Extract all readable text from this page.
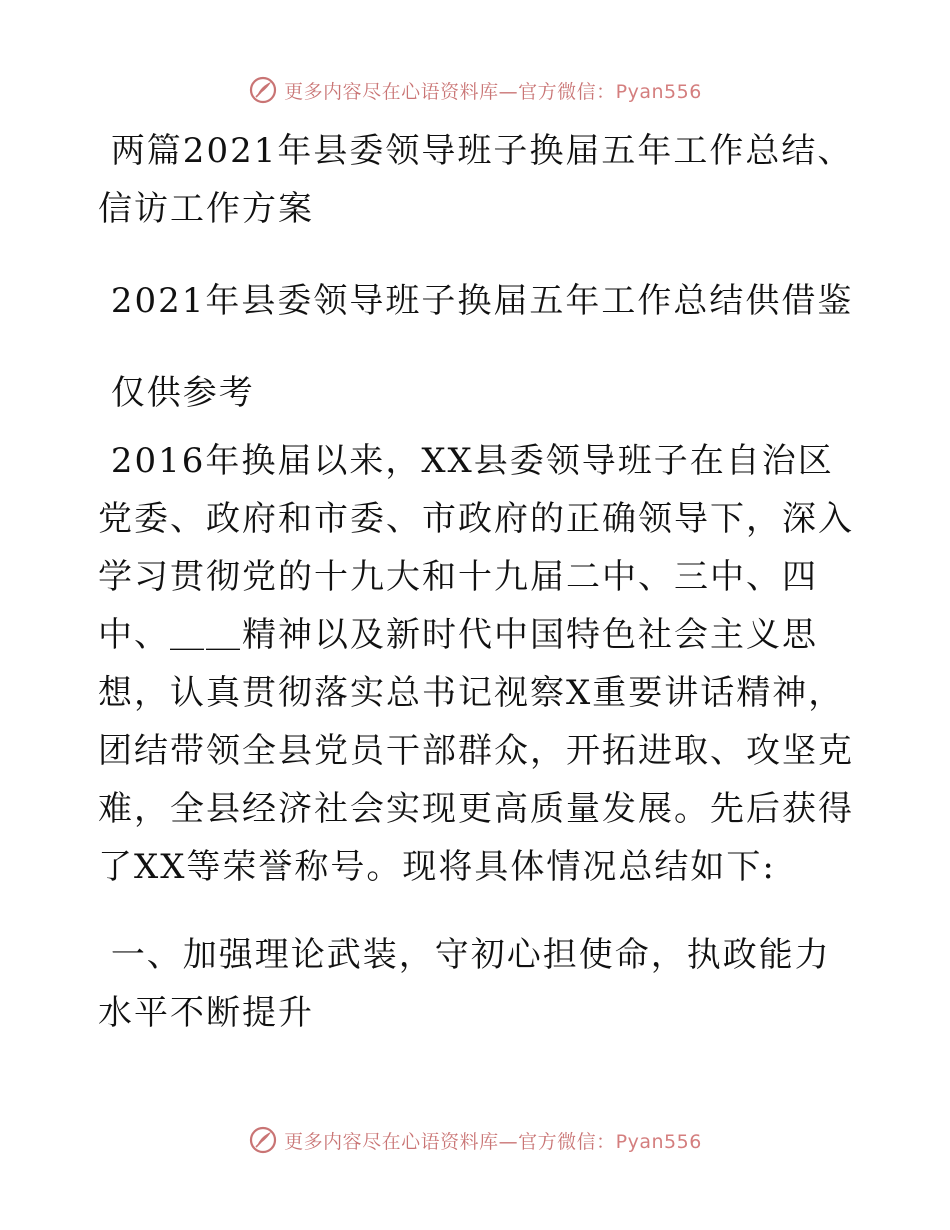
更多内容尽在心语资料库—官方微信：Pyan556

两篇2021年县委领导班子换届五年工作总结、信访工作方案

2021年县委领导班子换届五年工作总结供借鉴

仅供参考

2016年换届以来，XX县委领导班子在自治区党委、政府和市委、市政府的正确领导下，深入学习贯彻党的十九大和十九届二中、三中、四中、＿＿精神以及新时代中国特色社会主义思想，认真贯彻落实总书记视察X重要讲话精神，团结带领全县党员干部群众，开拓进取、攻坚克难，全县经济社会实现更高质量发展。先后获得了XX等荣誉称号。现将具体情况总结如下:

一、加强理论武装，守初心担使命，执政能力水平不断提升

更多内容尽在心语资料库—官方微信：Pyan556
